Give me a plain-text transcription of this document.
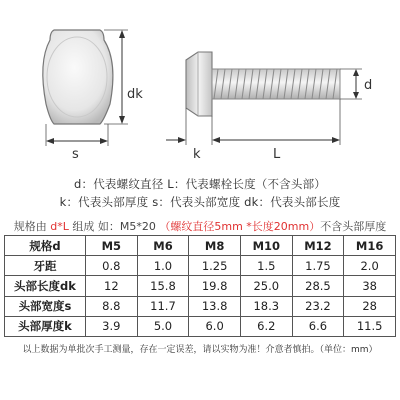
dk
s
d
k	L
d：代表螺纹直径 L：代表螺栓长度（不含头部）
k：代表头部厚度 s：代表头部宽度 dk：代表头部长度
规格由 d*L 组成 如：M5*20 （螺纹直径5mm *长度20mm）不含头部厚度
规格d	M5	M6	M8	M10	M12	M16
牙距	0.8	1.0	1.25	1.5	1.75	2.0
头部长度dk	12	15.8	19.8	25.0	28.5	38
头部宽度s	8.8	11.7	13.8	18.3	23.2	28
头部厚度k	3.9	5.0	6.0	6.2	6.6	11.5
以上数据为单批次手工测量，存在一定误差，请以实物为准！介意者慎拍。（单位：mm）
